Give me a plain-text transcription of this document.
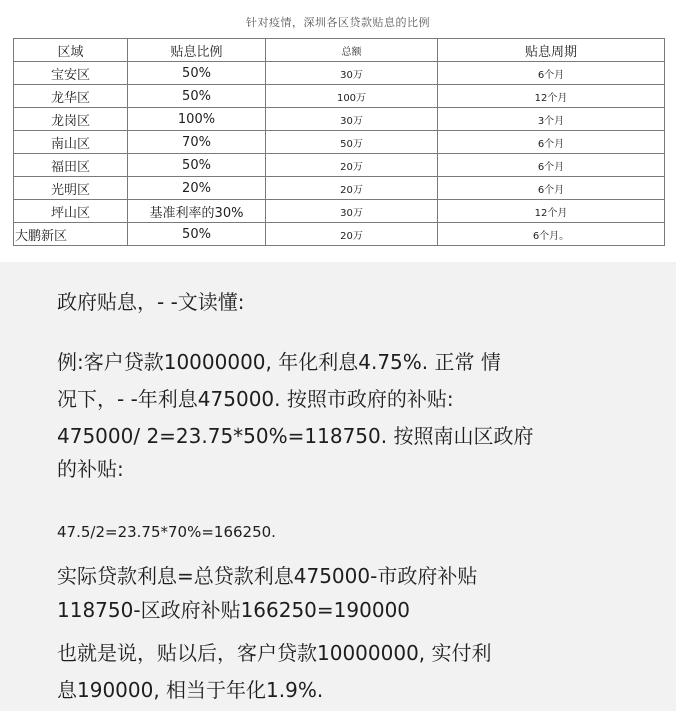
针对疫情，深圳各区贷款贴息的比例
区域	贴息比例	总额	贴息周期
宝安区	50%	30万	6个月
龙华区	50%	100万	12个月
龙岗区	100%	30万	3个月
南山区	70%	50万	6个月
福田区	50%	20万	6个月
光明区	20%	20万	6个月
坪山区	基准利率的30%	30万	12个月
大鹏新区	50%	20万	6个月。

政府贴息，- -文读懂:

例:客户贷款10000000, 年化利息4.75%. 正常 情

况下，- -年利息475000. 按照市政府的补贴:

475000/ 2=23.75*50%=118750. 按照南山区政府

的补贴:

47.5/2=23.75*70%=166250.

实际贷款利息=总贷款利息475000-市政府补贴

118750-区政府补贴166250=190000

也就是说，贴以后，客户贷款10000000, 实付利

息190000, 相当于年化1.9%.
